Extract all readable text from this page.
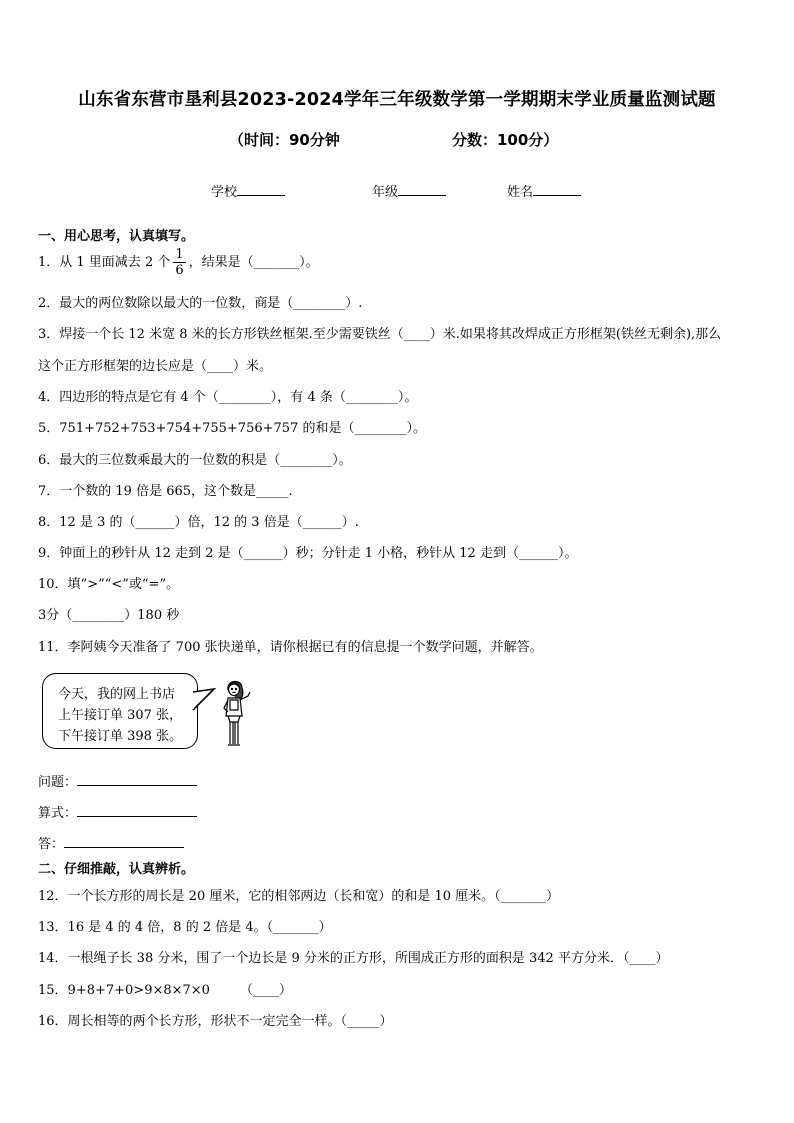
山东省东营市垦利县2023-2024学年三年级数学第一学期期末学业质量监测试题
（时间：90分钟	分数：100分）
学校	年级	姓名
一、用心思考，认真填写。
1．从 1 里面减去 2 个 $\frac{1}{6}$ ，结果是（_______）。
2．最大的两位数除以最大的一位数，商是（________）.
3．焊接一个长 12 米宽 8 米的长方形铁丝框架.至少需要铁丝（____）米.如果将其改焊成正方形框架(铁丝无剩余),那么
这个正方形框架的边长应是（____）米。
4．四边形的特点是它有 4 个（________），有 4 条（________）。
5．751+752+753+754+755+756+757 的和是（________）。
6．最大的三位数乘最大的一位数的积是（________）。
7．一个数的 19 倍是 665，这个数是_____.
8．12 是 3 的（______）倍，12 的 3 倍是（______）.
9．钟面上的秒针从 12 走到 2 是（______）秒；分针走 1 小格，秒针从 12 走到（______）。
10．填“>”“<”或“=”。
3分（________）180 秒
11．李阿姨今天准备了 700 张快递单，请你根据已有的信息提一个数学问题，并解答。
今天，我的网上书店
上午接订单 307 张，
下午接订单 398 张。
问题：
算式：
答：
二、仔细推敲，认真辨析。
12．一个长方形的周长是 20 厘米，它的相邻两边（长和宽）的和是 10 厘米。（_______）
13．16 是 4 的 4 倍，8 的 2 倍是 4。（_______）
14．一根绳子长 38 分米，围了一个边长是 9 分米的正方形，所围成正方形的面积是 342 平方分米．（____）
15．9+8+7+0>9×8×7×0 （____）
16．周长相等的两个长方形，形状不一定完全一样。（_____）
